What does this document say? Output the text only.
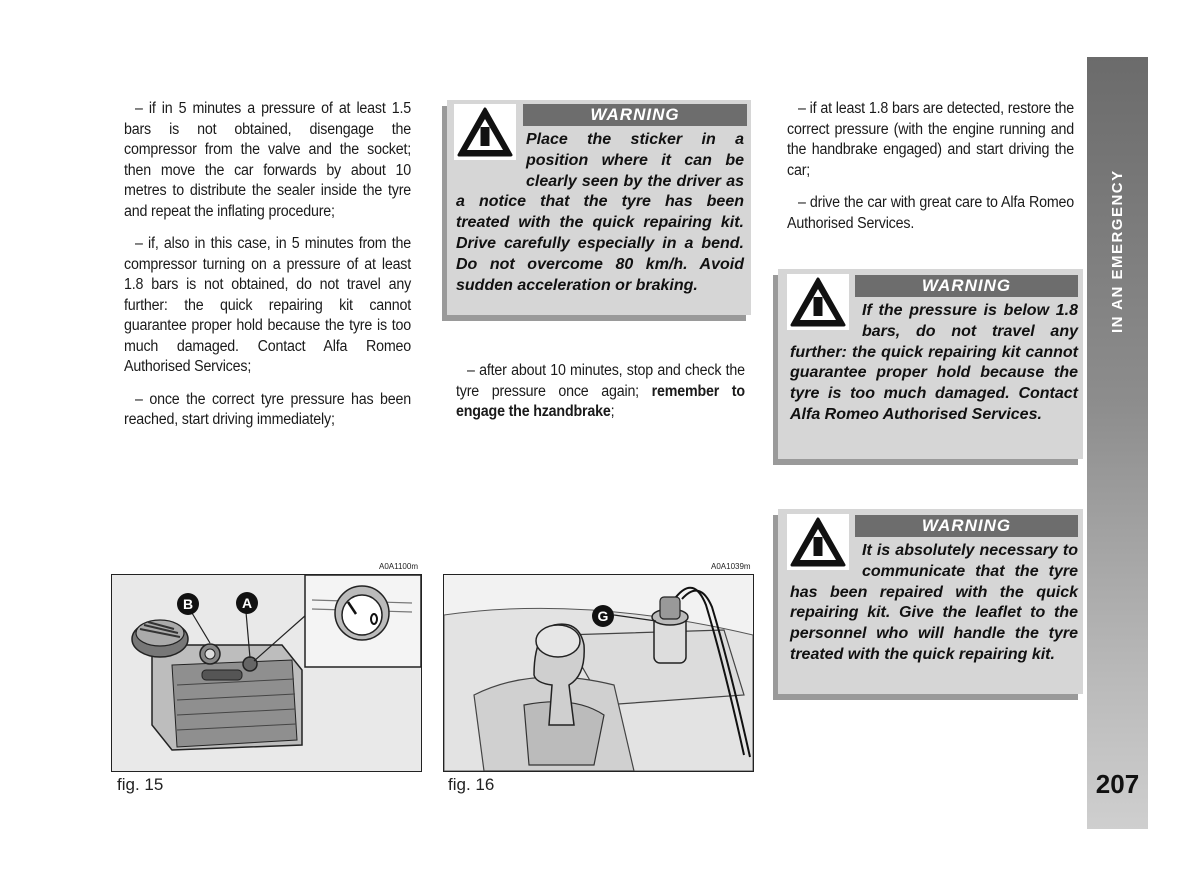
– if in 5 minutes a pressure of at least 1.5 bars is not obtained, disengage the compressor from the valve and the socket; then move the car forwards by about 10 metres to distribute the sealer inside the tyre and repeat the inflating procedure;

– if, also in this case, in 5 minutes from the compressor turning on a pressure of at least 1.8 bars is not obtained, do not travel any further: the quick repairing kit cannot guarantee proper hold because the tyre is too much damaged. Contact Alfa Romeo Authorised Services;

– once the correct tyre pressure has been reached, start driving immediately;

WARNING
Place the sticker in a position where it can be clearly seen by the driver as a notice that the tyre has been treated with the quick repairing kit. Drive carefully especially in a bend. Do not overcome 80 km/h. Avoid sudden acceleration or braking.

– after about 10 minutes, stop and check the tyre pressure once again; remember to engage the hzandbrake;

– if at least 1.8 bars are detected, restore the correct pressure (with the engine running and the handbrake engaged) and start driving the car;

– drive the car with great care to Alfa Romeo Authorised Services.

WARNING
If the pressure is below 1.8 bars, do not travel any further: the quick repairing kit cannot guarantee proper hold because the tyre is too much damaged. Contact Alfa Romeo Authorised Services.
WARNING
It is absolutely necessary to communicate that the tyre has been repaired with the quick repairing kit. Give the leaflet to the personnel who will handle the tyre treated with the quick repairing kit.
A0A1100m
B	A
fig. 15
A0A1039m
G
fig. 16
IN AN EMERGENCY
207
